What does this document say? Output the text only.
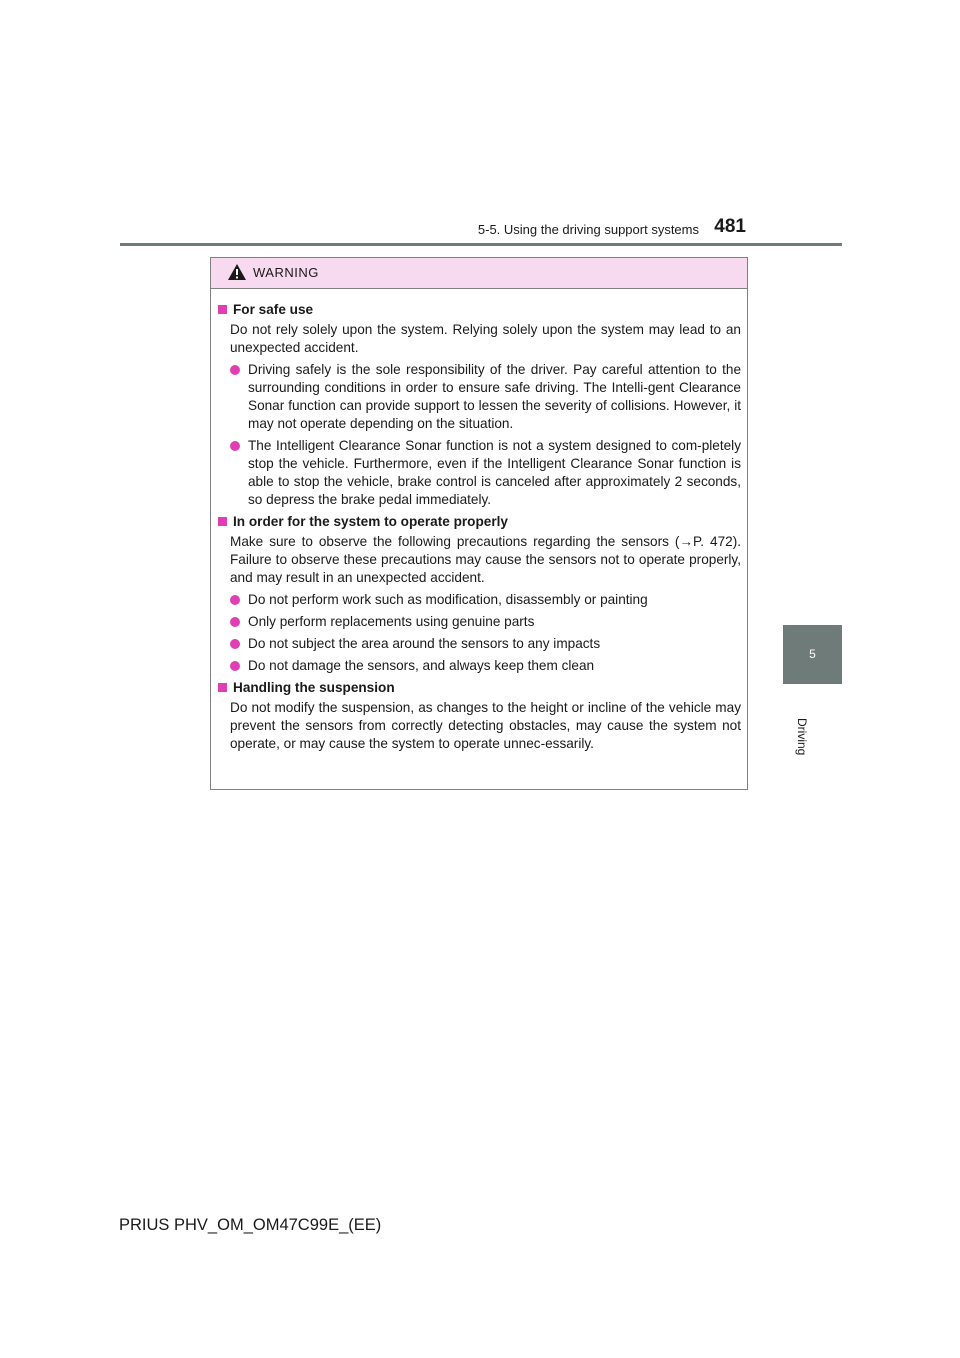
5-5. Using the driving support systems 481
5
Driving
WARNING
For safe use
Do not rely solely upon the system. Relying solely upon the system may lead to an unexpected accident.
Driving safely is the sole responsibility of the driver. Pay careful attention to the surrounding conditions in order to ensure safe driving. The Intelli-gent Clearance Sonar function can provide support to lessen the severity of collisions. However, it may not operate depending on the situation.
The Intelligent Clearance Sonar function is not a system designed to com-pletely stop the vehicle. Furthermore, even if the Intelligent Clearance Sonar function is able to stop the vehicle, brake control is canceled after approximately 2 seconds, so depress the brake pedal immediately.
In order for the system to operate properly
Make sure to observe the following precautions regarding the sensors (→P. 472). Failure to observe these precautions may cause the sensors not to operate properly, and may result in an unexpected accident.
Do not perform work such as modification, disassembly or painting
Only perform replacements using genuine parts
Do not subject the area around the sensors to any impacts
Do not damage the sensors, and always keep them clean
Handling the suspension
Do not modify the suspension, as changes to the height or incline of the vehicle may prevent the sensors from correctly detecting obstacles, may cause the system not operate, or may cause the system to operate unnec-essarily.
PRIUS PHV_OM_OM47C99E_(EE)
